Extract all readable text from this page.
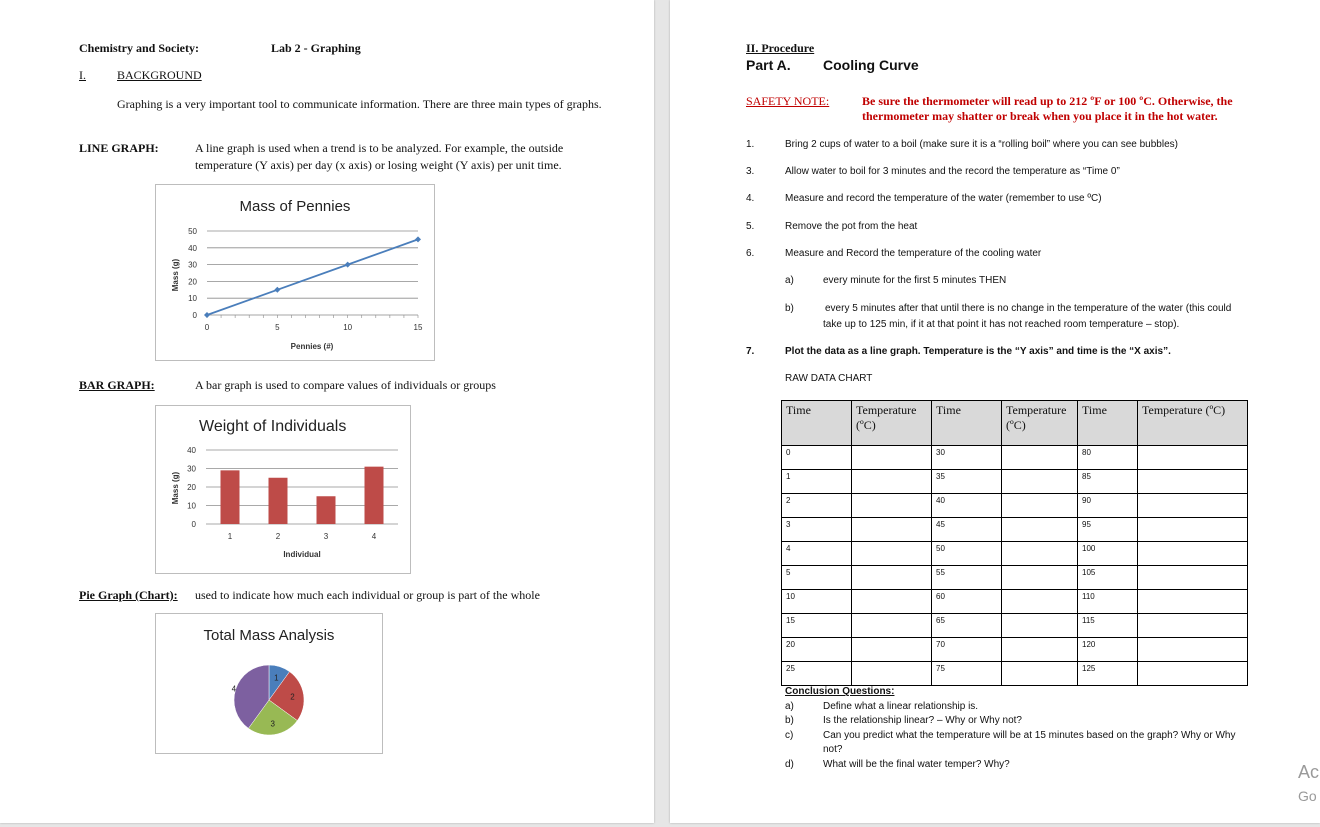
Chemistry and Society:	Lab 2 - Graphing
I.	BACKGROUND
Graphing is a very important tool to communicate information. There are three main types of graphs.
LINE GRAPH:	A line graph is used when a trend is to be analyzed. For example, the outside
temperature (Y axis) per day (x axis) or losing weight (Y axis) per unit time.
Mass of Pennies
0
10
20
30
40
50
0	5	10	15
Pennies (#)
Mass (g)
BAR GRAPH:	A bar graph is used to compare values of individuals or groups
Weight of Individuals
0
10
20
30
40
1	2	3	4
Individual
Mass (g)
Pie Graph (Chart): used to indicate how much each individual or group is part of the whole
Total Mass Analysis
1
2
3
4
II. Procedure
Part A. Cooling Curve
SAFETY NOTE:	Be sure the thermometer will read up to 212 ºF or 100 ºC. Otherwise, the
thermometer may shatter or break when you place it in the hot water.
1.	Bring 2 cups of water to a boil (make sure it is a “rolling boil” where you can see bubbles)
3.	Allow water to boil for 3 minutes and the record the temperature as “Time 0”
4.	Measure and record the temperature of the water (remember to use ºC)
5.	Remove the pot from the heat
6.	Measure and Record the temperature of the cooling water
a)	every minute for the first 5 minutes THEN
b)	every 5 minutes after that until there is no change in the temperature of the water (this could
take up to 125 min, if it at that point it has not reached room temperature – stop).
7.	Plot the data as a line graph. Temperature is the “Y axis” and time is the “X axis”.
RAW DATA CHART
Time	Temperature (ºC)	Time	Temperature (ºC)	Time	Temperature (ºC)
0		30		80	
1		35		85	
2		40		90	
3		45		95	
4		50		100	
5		55		105	
10		60		110	
15		65		115	
20		70		120	
25		75		125	
Conclusion Questions:
a)	Define what a linear relationship is.
b)	Is the relationship linear? – Why or Why not?
c)	Can you predict what the temperature will be at 15 minutes based on the graph? Why or Why
not?
d)	What will be the final water temper? Why?	Ac
Go
